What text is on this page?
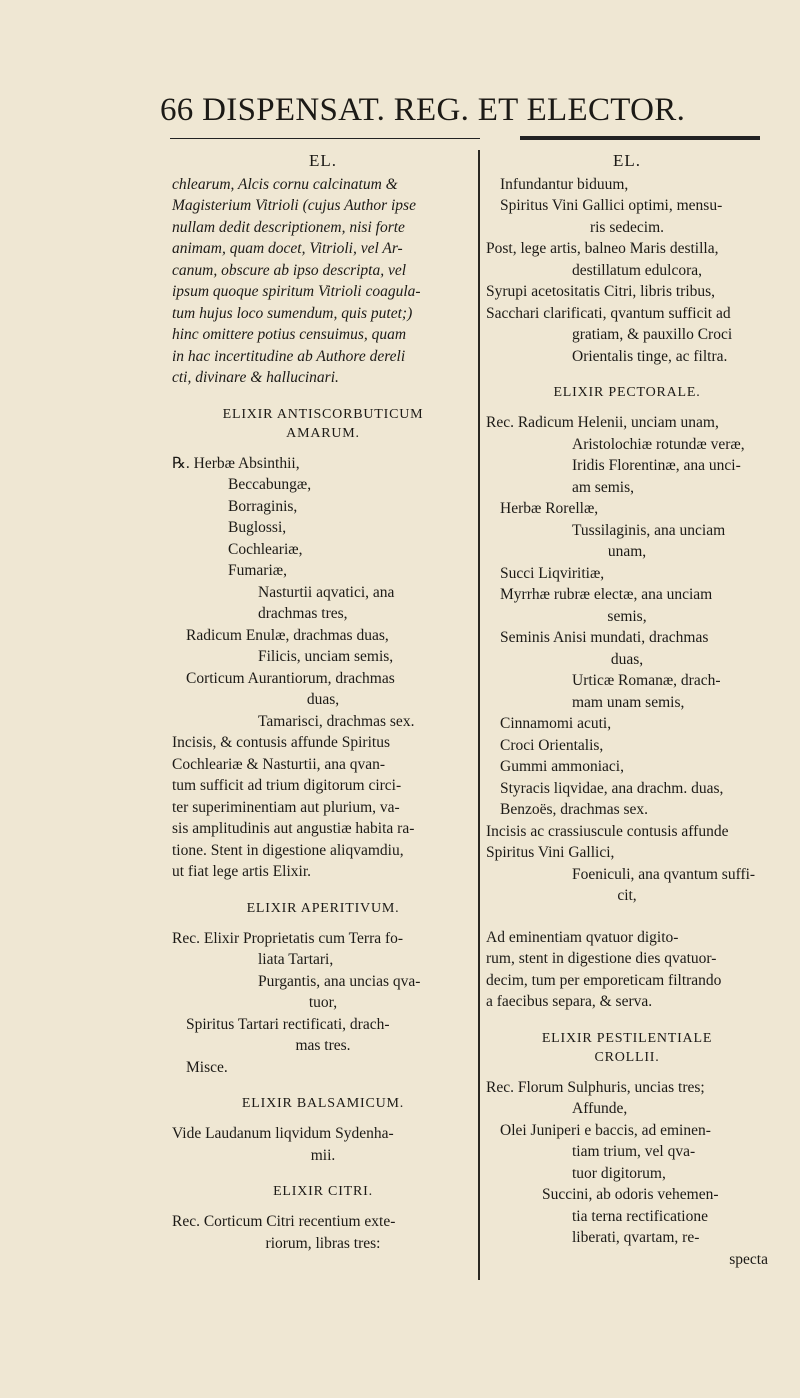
66 DISPENSAT. REG. ET ELECTOR.
EL.
chlearum, Alcis cornu calcinatum &
Magisterium Vitrioli (cujus Author ipse
nullam dedit descriptionem, nisi forte
animam, quam docet, Vitrioli, vel Ar-
canum, obscure ab ipso descripta, vel
ipsum quoque spiritum Vitrioli coagula-
tum hujus loco sumendum, quis putet;)
hinc omittere potius censuimus, quam
in hac incertitudine ab Authore dereli
cti, divinare & hallucinari.
ELIXIR ANTISCORBUTICUM
AMARUM.
℞. Herbæ Absinthii,
Beccabungæ,
Borraginis,
Buglossi,
Cochleariæ,
Fumariæ,
Nasturtii aqvatici, ana
drachmas tres,
Radicum Enulæ, drachmas duas,
Filicis, unciam semis,
Corticum Aurantiorum, drachmas
duas,
Tamarisci, drachmas sex.
Incisis, & contusis affunde Spiritus
Cochleariæ & Nasturtii, ana qvan-
tum sufficit ad trium digitorum circi-
ter superiminentiam aut plurium, va-
sis amplitudinis aut angustiæ habita ra-
tione. Stent in digestione aliqvamdiu,
ut fiat lege artis Elixir.
ELIXIR APERITIVUM.
Rec. Elixir Proprietatis cum Terra fo-
liata Tartari,
Purgantis, ana uncias qva-
tuor,
Spiritus Tartari rectificati, drach-
mas tres.
Misce.
ELIXIR BALSAMICUM.
Vide Laudanum liqvidum Sydenha-
mii.
ELIXIR CITRI.
Rec. Corticum Citri recentium exte-
riorum, libras tres:
EL.
Infundantur biduum,
Spiritus Vini Gallici optimi, mensu-
ris sedecim.
Post, lege artis, balneo Maris destilla,
destillatum edulcora,
Syrupi acetositatis Citri, libris tribus,
Sacchari clarificati, qvantum sufficit ad
gratiam, & pauxillo Croci
Orientalis tinge, ac filtra.
ELIXIR PECTORALE.
Rec. Radicum Helenii, unciam unam,
Aristolochiæ rotundæ veræ,
Iridis Florentinæ, ana unci-
am semis,
Herbæ Rorellæ,
Tussilaginis, ana unciam
unam,
Succi Liqviritiæ,
Myrrhæ rubræ electæ, ana unciam
semis,
Seminis Anisi mundati, drachmas
duas,
Urticæ Romanæ, drach-
mam unam semis,
Cinnamomi acuti,
Croci Orientalis,
Gummi ammoniaci,
Styracis liqvidae, ana drachm. duas,
Benzoës, drachmas sex.
Incisis ac crassiuscule contusis affunde
Spiritus Vini Gallici,
Foeniculi, ana qvantum suffi-
cit,
Ad eminentiam qvatuor digito-
rum, stent in digestione dies qvatuor-
decim, tum per emporeticam filtrando
a faecibus separa, & serva.
ELIXIR PESTILENTIALE
CROLLII.
Rec. Florum Sulphuris, uncias tres;
Affunde,
Olei Juniperi e baccis, ad eminen-
tiam trium, vel qva-
tuor digitorum,
Succini, ab odoris vehemen-
tia terna rectificatione
liberati, qvartam, re-
specta
